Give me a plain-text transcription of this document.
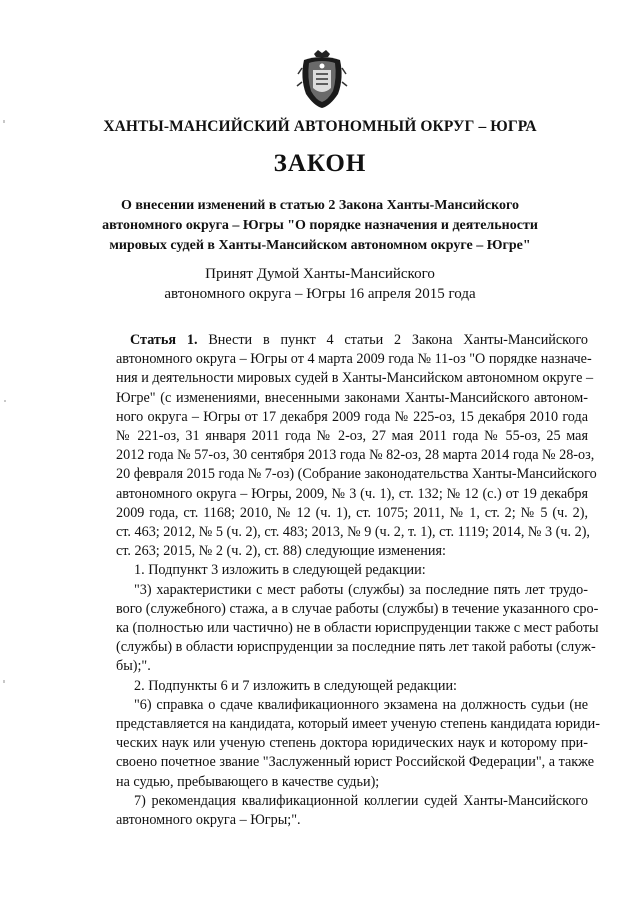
ХАНТЫ-МАНСИЙСКИЙ АВТОНОМНЫЙ ОКРУГ – ЮГРА
ЗАКОН
О внесении изменений в статью 2 Закона Ханты-Мансийского
автономного округа – Югры "О порядке назначения и деятельности
мировых судей в Ханты-Мансийском автономном округе – Югре"
Принят Думой Ханты-Мансийского
автономного округа – Югры 16 апреля 2015 года
Статья 1. Внести в пункт 4 статьи 2 Закона Ханты-Мансийского
автономного округа – Югры от 4 марта 2009 года № 11-оз "О порядке назначе-
ния и деятельности мировых судей в Ханты-Мансийском автономном округе –
Югре" (с изменениями, внесенными законами Ханты-Мансийского автоном-
ного округа – Югры от 17 декабря 2009 года № 225-оз, 15 декабря 2010 года
№ 221-оз, 31 января 2011 года № 2-оз, 27 мая 2011 года № 55-оз, 25 мая
2012 года № 57-оз, 30 сентября 2013 года № 82-оз, 28 марта 2014 года № 28-оз,
20 февраля 2015 года № 7-оз) (Собрание законодательства Ханты-Мансийского
автономного округа – Югры, 2009, № 3 (ч. 1), ст. 132; № 12 (с.) от 19 декабря
2009 года, ст. 1168; 2010, № 12 (ч. 1), ст. 1075; 2011, № 1, ст. 2; № 5 (ч. 2),
ст. 463; 2012, № 5 (ч. 2), ст. 483; 2013, № 9 (ч. 2, т. 1), ст. 1119; 2014, № 3 (ч. 2),
ст. 263; 2015, № 2 (ч. 2), ст. 88) следующие изменения:
1. Подпункт 3 изложить в следующей редакции:
"3) характеристики с мест работы (службы) за последние пять лет трудо-
вого (служебного) стажа, а в случае работы (службы) в течение указанного сро-
ка (полностью или частично) не в области юриспруденции также с мест работы
(службы) в области юриспруденции за последние пять лет такой работы (служ-
бы);".
2. Подпункты 6 и 7 изложить в следующей редакции:
"6) справка о сдаче квалификационного экзамена на должность судьи (не
представляется на кандидата, который имеет ученую степень кандидата юриди-
ческих наук или ученую степень доктора юридических наук и которому при-
своено почетное звание "Заслуженный юрист Российской Федерации", а также
на судью, пребывающего в качестве судьи);
7) рекомендация квалификационной коллегии судей Ханты-Мансийского
автономного округа – Югры;".
